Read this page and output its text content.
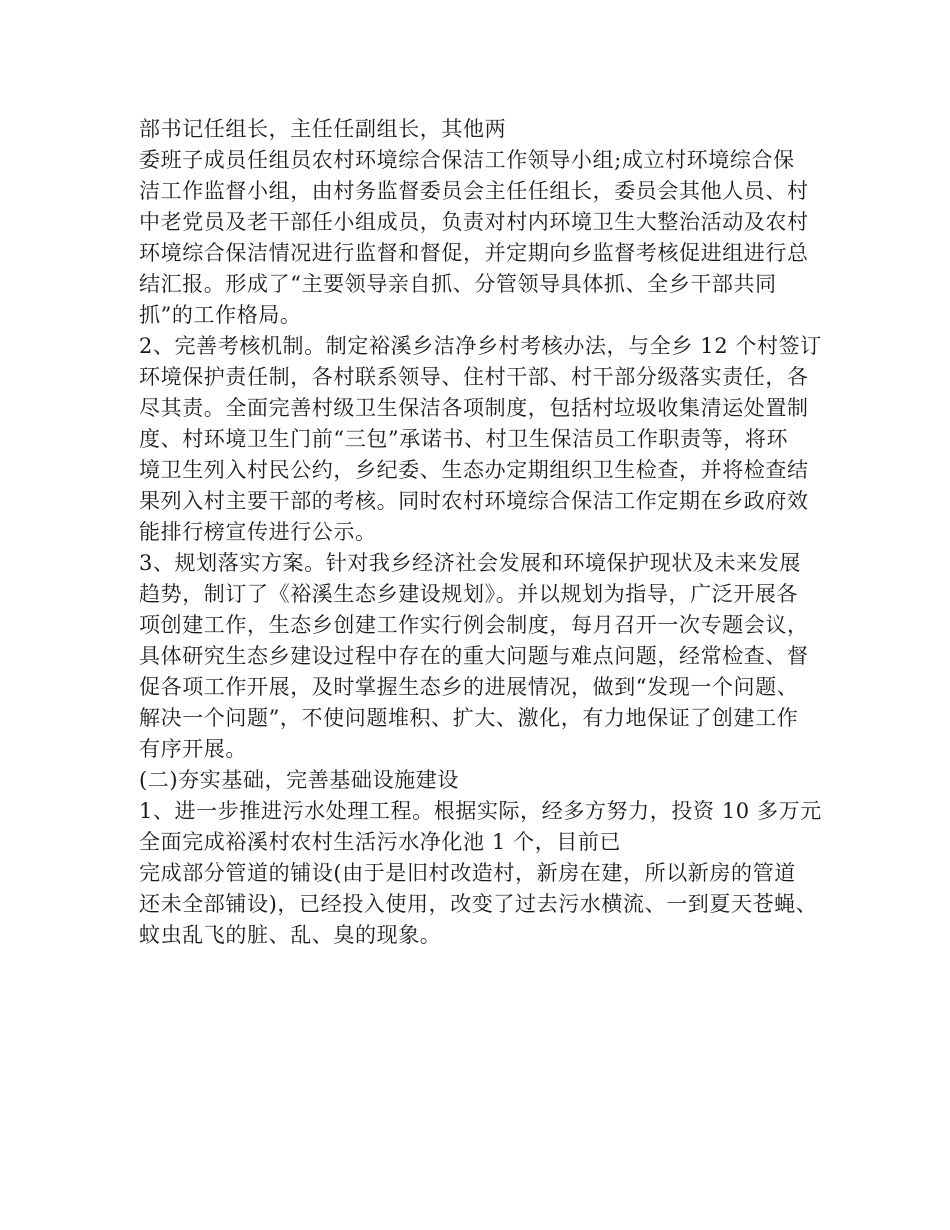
部书记任组长，主任任副组长，其他两
委班子成员任组员农村环境综合保洁工作领导小组;成立村环境综合保
洁工作监督小组，由村务监督委员会主任任组长，委员会其他人员、村
中老党员及老干部任小组成员，负责对村内环境卫生大整治活动及农村
环境综合保洁情况进行监督和督促，并定期向乡监督考核促进组进行总
结汇报。形成了“主要领导亲自抓、分管领导具体抓、全乡干部共同
抓”的工作格局。
2、完善考核机制。制定裕溪乡洁净乡村考核办法，与全乡 12 个村签订
环境保护责任制，各村联系领导、住村干部、村干部分级落实责任，各
尽其责。全面完善村级卫生保洁各项制度，包括村垃圾收集清运处置制
度、村环境卫生门前“三包”承诺书、村卫生保洁员工作职责等，将环
境卫生列入村民公约，乡纪委、生态办定期组织卫生检查，并将检查结
果列入村主要干部的考核。同时农村环境综合保洁工作定期在乡政府效
能排行榜宣传进行公示。
3、规划落实方案。针对我乡经济社会发展和环境保护现状及未来发展
趋势，制订了《裕溪生态乡建设规划》。并以规划为指导，广泛开展各
项创建工作，生态乡创建工作实行例会制度，每月召开一次专题会议，
具体研究生态乡建设过程中存在的重大问题与难点问题，经常检查、督
促各项工作开展，及时掌握生态乡的进展情况，做到“发现一个问题、
解决一个问题”，不使问题堆积、扩大、激化，有力地保证了创建工作
有序开展。
(二)夯实基础，完善基础设施建设
1、进一步推进污水处理工程。根据实际，经多方努力，投资 10 多万元
全面完成裕溪村农村生活污水净化池 1 个，目前已
完成部分管道的铺设(由于是旧村改造村，新房在建，所以新房的管道
还未全部铺设)，已经投入使用，改变了过去污水横流、一到夏天苍蝇、
蚊虫乱飞的脏、乱、臭的现象。
